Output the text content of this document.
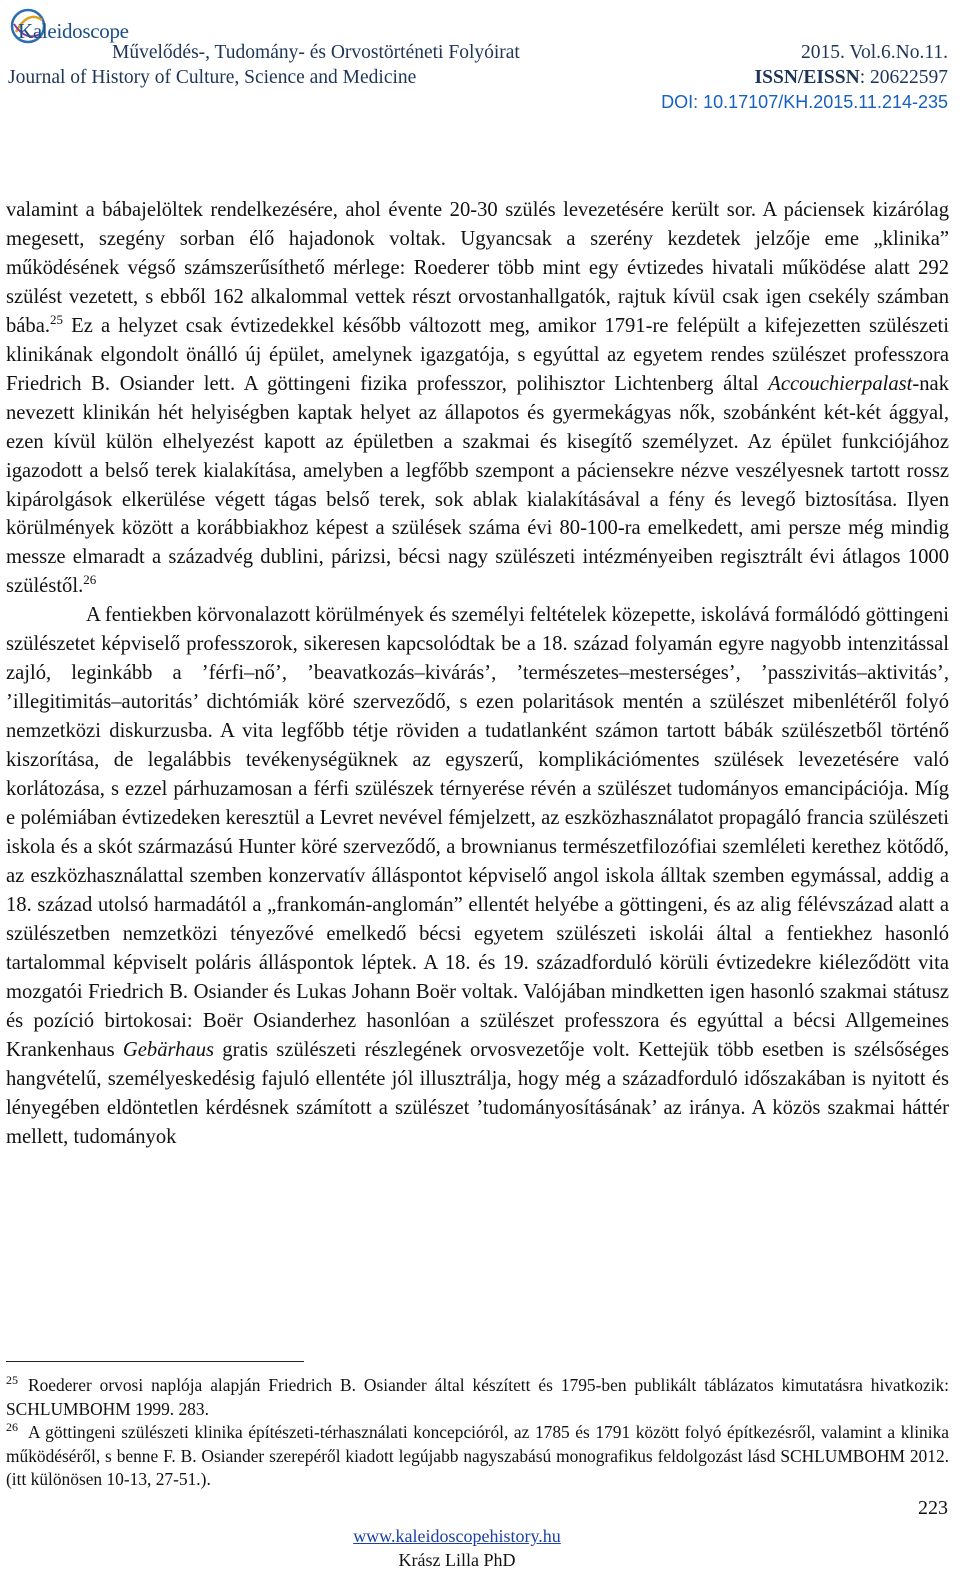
Kaleidoscope
Művelődés-, Tudomány- és Orvostörténeti Folyóirat
Journal of History of Culture, Science and Medicine
2015. Vol.6.No.11.
ISSN/EISSN: 20622597
DOI: 10.17107/KH.2015.11.214-235

valamint a bábajelöltek rendelkezésére, ahol évente 20-30 szülés levezetésére került sor. A páciensek kizárólag megesett, szegény sorban élő hajadonok voltak. Ugyancsak a szerény kezdetek jelzője eme „klinika” működésének végső számszerűsíthető mérlege: Roederer több mint egy évtizedes hivatali működése alatt 292 szülést vezetett, s ebből 162 alkalommal vettek részt orvostanhallgatók, rajtuk kívül csak igen csekély számban bába.$^{25}$ Ez a helyzet csak évtizedekkel később változott meg, amikor 1791-re felépült a kifejezetten szülészeti klinikának elgondolt önálló új épület, amelynek igazgatója, s egyúttal az egyetem rendes szülészet professzora Friedrich B. Osiander lett. A göttingeni fizika professzor, polihisztor Lichtenberg által Accouchierpalast-nak nevezett klinikán hét helyiségben kaptak helyet az állapotos és gyermekágyas nők, szobánként két-két ággyal, ezen kívül külön elhelyezést kapott az épületben a szakmai és kisegítő személyzet. Az épület funkciójához igazodott a belső terek kialakítása, amelyben a legfőbb szempont a páciensekre nézve veszélyesnek tartott rossz kipárolgások elkerülése végett tágas belső terek, sok ablak kialakításával a fény és levegő biztosítása. Ilyen körülmények között a korábbiakhoz képest a szülések száma évi 80-100-ra emelkedett, ami persze még mindig messze elmaradt a századvég dublini, párizsi, bécsi nagy szülészeti intézményeiben regisztrált évi átlagos 1000 szüléstől.$^{26}$

A fentiekben körvonalazott körülmények és személyi feltételek közepette, iskolává formálódó göttingeni szülészetet képviselő professzorok, sikeresen kapcsolódtak be a 18. század folyamán egyre nagyobb intenzitással zajló, leginkább a ’férfi–nő’, ’beavatkozás–kivárás’, ’természetes–mesterséges’, ’passzivitás–aktivitás’, ’illegitimitás–autoritás’ dichtómiák köré szerveződő, s ezen polaritások mentén a szülészet mibenlétéről folyó nemzetközi diskurzusba. A vita legfőbb tétje röviden a tudatlanként számon tartott bábák szülészetből történő kiszorítása, de legalábbis tevékenységüknek az egyszerű, komplikációmentes szülések levezetésére való korlátozása, s ezzel párhuzamosan a férfi szülészek térnyerése révén a szülészet tudományos emancipációja. Míg e polémiában évtizedeken keresztül a Levret nevével fémjelzett, az eszközhasználatot propagáló francia szülészeti iskola és a skót származású Hunter köré szerveződő, a brownianus természetfilozófiai szemléleti kerethez kötődő, az eszközhasználattal szemben konzervatív álláspontot képviselő angol iskola álltak szemben egymással, addig a 18. század utolsó harmadától a „frankomán-anglomán” ellentét helyébe a göttingeni, és az alig félévszázad alatt a szülészetben nemzetközi tényezővé emelkedő bécsi egyetem szülészeti iskolái által a fentiekhez hasonló tartalommal képviselt poláris álláspontok léptek. A 18. és 19. századforduló körüli évtizedekre kiéleződött vita mozgatói Friedrich B. Osiander és Lukas Johann Boër voltak. Valójában mindketten igen hasonló szakmai státusz és pozíció birtokosai: Boër Osianderhez hasonlóan a szülészet professzora és egyúttal a bécsi Allgemeines Krankenhaus Gebärhaus gratis szülészeti részlegének orvosvezetője volt. Kettejük több esetben is szélsőséges hangvételű, személyeskedésig fajuló ellentéte jól illusztrálja, hogy még a századforduló időszakában is nyitott és lényegében eldöntetlen kérdésnek számított a szülészet ’tudományosításának’ az iránya. A közös szakmai háttér mellett, tudományok

$^{25}$ Roederer orvosi naplója alapján Friedrich B. Osiander által készített és 1795-ben publikált táblázatos kimutatásra hivatkozik: SCHLUMBOHM 1999. 283.

$^{26}$ A göttingeni szülészeti klinika építészeti-térhasználati koncepcióról, az 1785 és 1791 között folyó építkezésről, valamint a klinika működéséről, s benne F. B. Osiander szerepéről kiadott legújabb nagyszabású monografikus feldolgozást lásd SCHLUMBOHM 2012. (itt különösen 10-13, 27-51.).

223
www.kaleidoscopehistory.hu
Krász Lilla PhD
